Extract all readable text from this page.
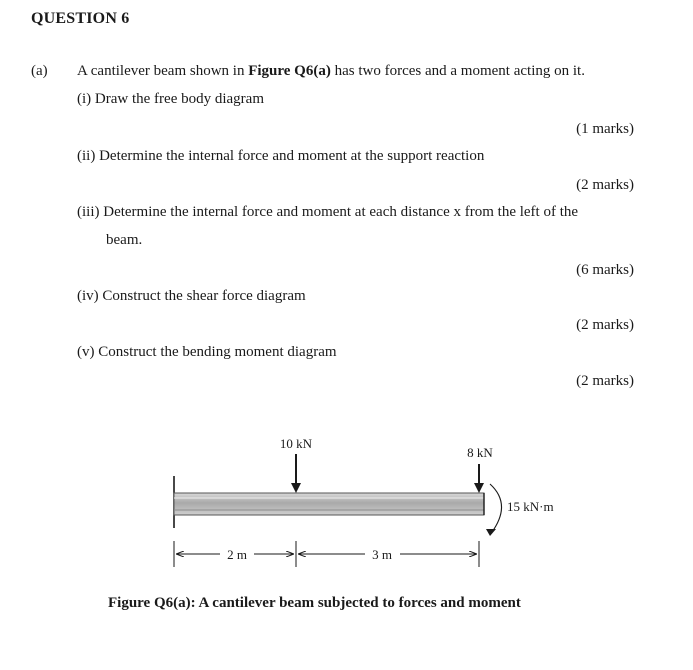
QUESTION 6
(a) A cantilever beam shown in Figure Q6(a) has two forces and a moment acting on it.
(i) Draw the free body diagram
(1 marks)
(ii) Determine the internal force and moment at the support reaction
(2 marks)
(iii) Determine the internal force and moment at each distance x from the left of the
beam.
(6 marks)
(iv) Construct the shear force diagram
(2 marks)
(v) Construct the bending moment diagram
(2 marks)
10 kN
8 kN
15 kN·m
2 m	3 m
Figure Q6(a): A cantilever beam subjected to forces and moment
